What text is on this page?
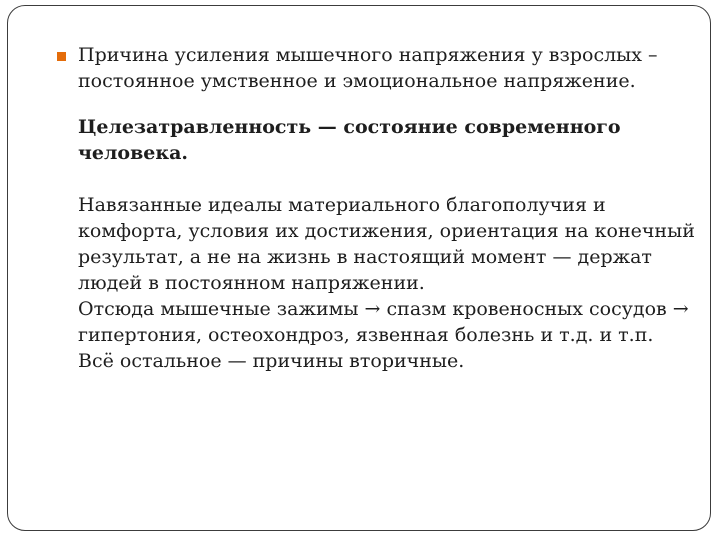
Причина усиления мышечного напряжения у взрослых – постоянное умственное и эмоциональное напряжение.

Целезатравленность — состояние современного человека.

Навязанные идеалы материального благополучия и комфорта, условия их достижения, ориентация на конечный результат, а не на жизнь в настоящий момент — держат людей в постоянном напряжении.
Отсюда мышечные зажимы → спазм кровеносных сосудов → гипертония, остеохондроз, язвенная болезнь и т.д. и т.п.
Всё остальное — причины вторичные.
